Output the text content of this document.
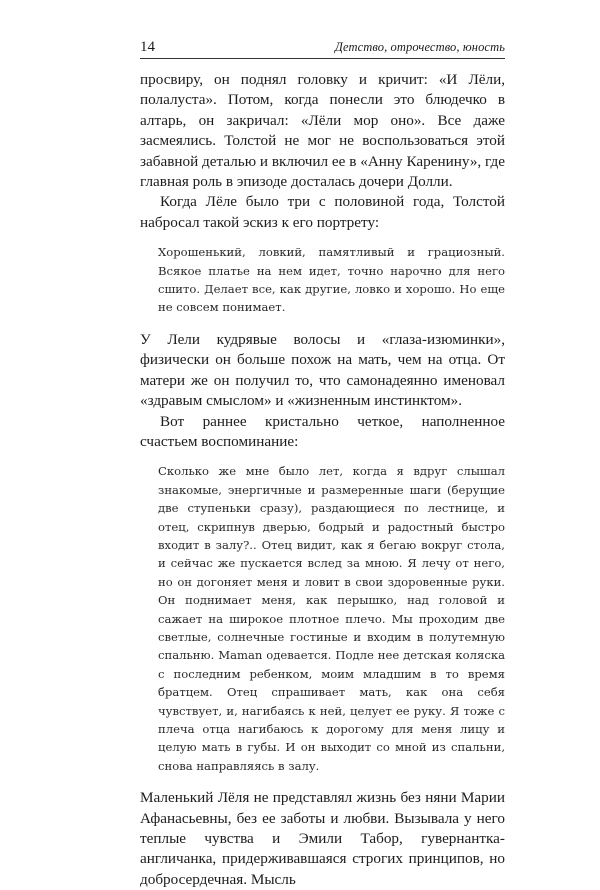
14	Детство, отрочество, юность

просвиру, он поднял головку и кричит: «И Лёли, полалуста». Потом, когда понесли это блюдечко в алтарь, он закричал: «Лёли мор оно». Все даже засмеялись. Толстой не мог не воспользоваться этой забавной деталью и включил ее в «Анну Каренину», где главная роль в эпизоде досталась дочери Долли.

Когда Лёле было три с половиной года, Толстой набросал такой эскиз к его портрету:

Хорошенький, ловкий, памятливый и грациозный. Всякое платье на нем идет, точно нарочно для него сшито. Делает все, как другие, ловко и хорошо. Но еще не совсем понимает.

У Лели кудрявые волосы и «глаза-изюминки», физически он больше похож на мать, чем на отца. От матери же он получил то, что самонадеянно именовал «здравым смыслом» и «жизненным инстинктом».

Вот раннее кристально четкое, наполненное счастьем воспоминание:

Сколько же мне было лет, когда я вдруг слышал знакомые, энергичные и размеренные шаги (берущие две ступеньки сразу), раздающиеся по лестнице, и отец, скрипнув дверью, бодрый и радостный быстро входит в залу?.. Отец видит, как я бегаю вокруг стола, и сейчас же пускается вслед за мною. Я лечу от него, но он догоняет меня и ловит в свои здоровенные руки. Он поднимает меня, как перышко, над головой и сажает на широкое плотное плечо. Мы проходим две светлые, солнечные гостиные и входим в полутемную спальню. Maman одевается. Подле нее детская коляска с последним ребенком, моим младшим в то время братцем. Отец спрашивает мать, как она себя чувствует, и, нагибаясь к ней, целует ее руку. Я тоже с плеча отца нагибаюсь к дорогому для меня лицу и целую мать в губы. И он выходит со мной из спальни, снова направляясь в залу.

Маленький Лёля не представлял жизнь без няни Марии Афанасьевны, без ее заботы и любви. Вызывала у него теплые чувства и Эмили Табор, гувернантка-англичанка, придерживавшаяся строгих принципов, но добросердечная. Мысль
